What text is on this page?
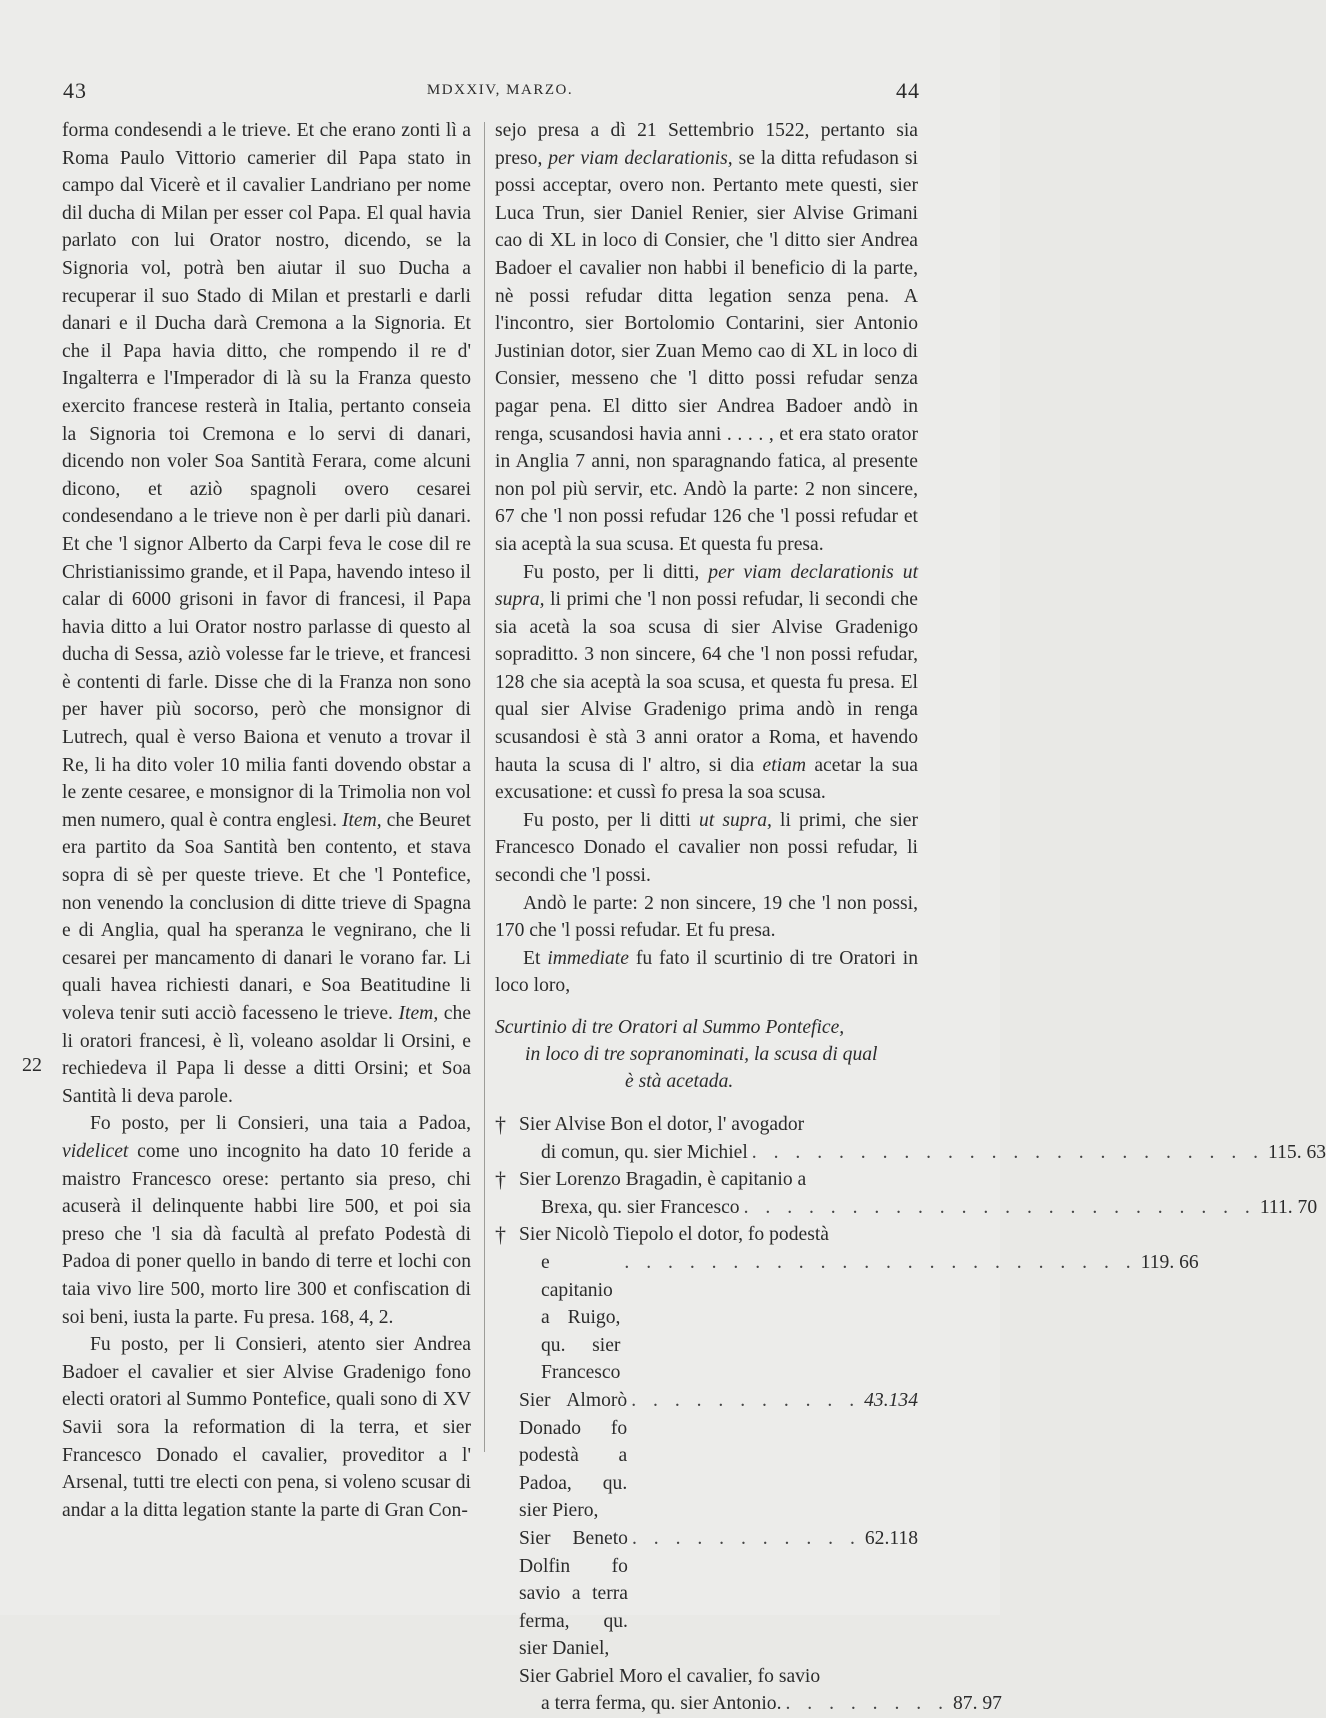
43	MDXXIV, MARZO.	44
22

forma condesendi a le trieve. Et che erano zonti lì a Roma Paulo Vittorio camerier dil Papa stato in campo dal Vicerè et il cavalier Landriano per nome dil ducha di Milan per esser col Papa. El qual havia parlato con lui Orator nostro, dicendo, se la Signoria vol, potrà ben aiutar il suo Ducha a recuperar il suo Stado di Milan et prestarli e darli danari e il Ducha darà Cremona a la Signoria. Et che il Papa havia ditto, che rompendo il re d' Ingalterra e l'Imperador di là su la Franza questo exercito francese resterà in Italia, pertanto conseia la Signoria toi Cremona e lo servi di danari, dicendo non voler Soa Santità Ferara, come alcuni dicono, et aziò spagnoli overo cesarei condesendano a le trieve non è per darli più danari. Et che 'l signor Alberto da Carpi feva le cose dil re Christianissimo grande, et il Papa, havendo inteso il calar di 6000 grisoni in favor di francesi, il Papa havia ditto a lui Orator nostro parlasse di questo al ducha di Sessa, aziò volesse far le trieve, et francesi è contenti di farle. Disse che di la Franza non sono per haver più socorso, però che monsignor di Lutrech, qual è verso Baiona et venuto a trovar il Re, li ha dito voler 10 milia fanti dovendo obstar a le zente cesaree, e monsignor di la Trimolia non vol men numero, qual è contra englesi. Item, che Beuret era partito da Soa Santità ben contento, et stava sopra di sè per queste trieve. Et che 'l Pontefice, non venendo la conclusion di ditte trieve di Spagna e di Anglia, qual ha speranza le vegnirano, che li cesarei per mancamento di danari le vorano far. Li quali havea richiesti danari, e Soa Beatitudine li voleva tenir suti acciò facesseno le trieve. Item, che li oratori francesi, è lì, voleano asoldar li Orsini, e rechiedeva il Papa li desse a ditti Orsini; et Soa Santità li deva parole.

Fo posto, per li Consieri, una taia a Padoa, videlicet come uno incognito ha dato 10 feride a maistro Francesco orese: pertanto sia preso, chi acuserà il delinquente habbi lire 500, et poi sia preso che 'l sia dà facultà al prefato Podestà di Padoa di poner quello in bando di terre et lochi con taia vivo lire 500, morto lire 300 et confiscation di soi beni, iusta la parte. Fu presa. 168, 4, 2.

Fu posto, per li Consieri, atento sier Andrea Badoer el cavalier et sier Alvise Gradenigo fono electi oratori al Summo Pontefice, quali sono di XV Savii sora la reformation di la terra, et sier Francesco Donado el cavalier, proveditor a l' Arsenal, tutti tre electi con pena, si voleno scusar di andar a la ditta legation stante la parte di Gran Con-

sejo presa a dì 21 Settembrio 1522, pertanto sia preso, per viam declarationis, se la ditta refudason si possi acceptar, overo non. Pertanto mete questi, sier Luca Trun, sier Daniel Renier, sier Alvise Grimani cao di XL in loco di Consier, che 'l ditto sier Andrea Badoer el cavalier non habbi il beneficio di la parte, nè possi refudar ditta legation senza pena. A l'incontro, sier Bortolomio Contarini, sier Antonio Justinian dotor, sier Zuan Memo cao di XL in loco di Consier, messeno che 'l ditto possi refudar senza pagar pena. El ditto sier Andrea Badoer andò in renga, scusandosi havia anni . . . . , et era stato orator in Anglia 7 anni, non sparagnando fatica, al presente non pol più servir, etc. Andò la parte: 2 non sincere, 67 che 'l non possi refudar 126 che 'l possi refudar et sia aceptà la sua scusa. Et questa fu presa.

Fu posto, per li ditti, per viam declarationis ut supra, li primi che 'l non possi refudar, li secondi che sia acetà la soa scusa di sier Alvise Gradenigo sopraditto. 3 non sincere, 64 che 'l non possi refudar, 128 che sia aceptà la soa scusa, et questa fu presa. El qual sier Alvise Gradenigo prima andò in renga scusandosi è stà 3 anni orator a Roma, et havendo hauta la scusa di l' altro, si dia etiam acetar la sua excusatione: et cussì fo presa la soa scusa.

Fu posto, per li ditti ut supra, li primi, che sier Francesco Donado el cavalier non possi refudar, li secondi che 'l possi.

Andò le parte: 2 non sincere, 19 che 'l non possi, 170 che 'l possi refudar. Et fu presa.

Et immediate fu fato il scurtinio di tre Oratori in loco loro,

Scurtinio di tre Oratori al Summo Pontefice,
in loco di tre sopranominati, la scusa di qual
è stà acetada.
† Sier Alvise Bon el dotor, l' avogador
di comun, qu. sier Michiel . . . . . . . . . . . . . . . . . . . . . . . . 115. 63
† Sier Lorenzo Bragadin, è capitanio a
Brexa, qu. sier Francesco . . . . . . . . . . . . . . . . . . . . . . . . 111. 70
† Sier Nicolò Tiepolo el dotor, fo podestà
e capitanio a Ruigo, qu. sier Francesco
. . . . . . . . . . . . . . . . . . . . . . . . 119. 66
Sier Almorò Donado fo podestà a Padoa, qu. sier Piero,
. . . . . . . . . . . 43.134
Sier Beneto Dolfin fo savio a terra ferma, qu. sier Daniel,
. . . . . . . . . . . 62.118
Sier Gabriel Moro el cavalier, fo savio
a terra ferma, qu. sier Antonio. . . . . . . . . 87. 97
